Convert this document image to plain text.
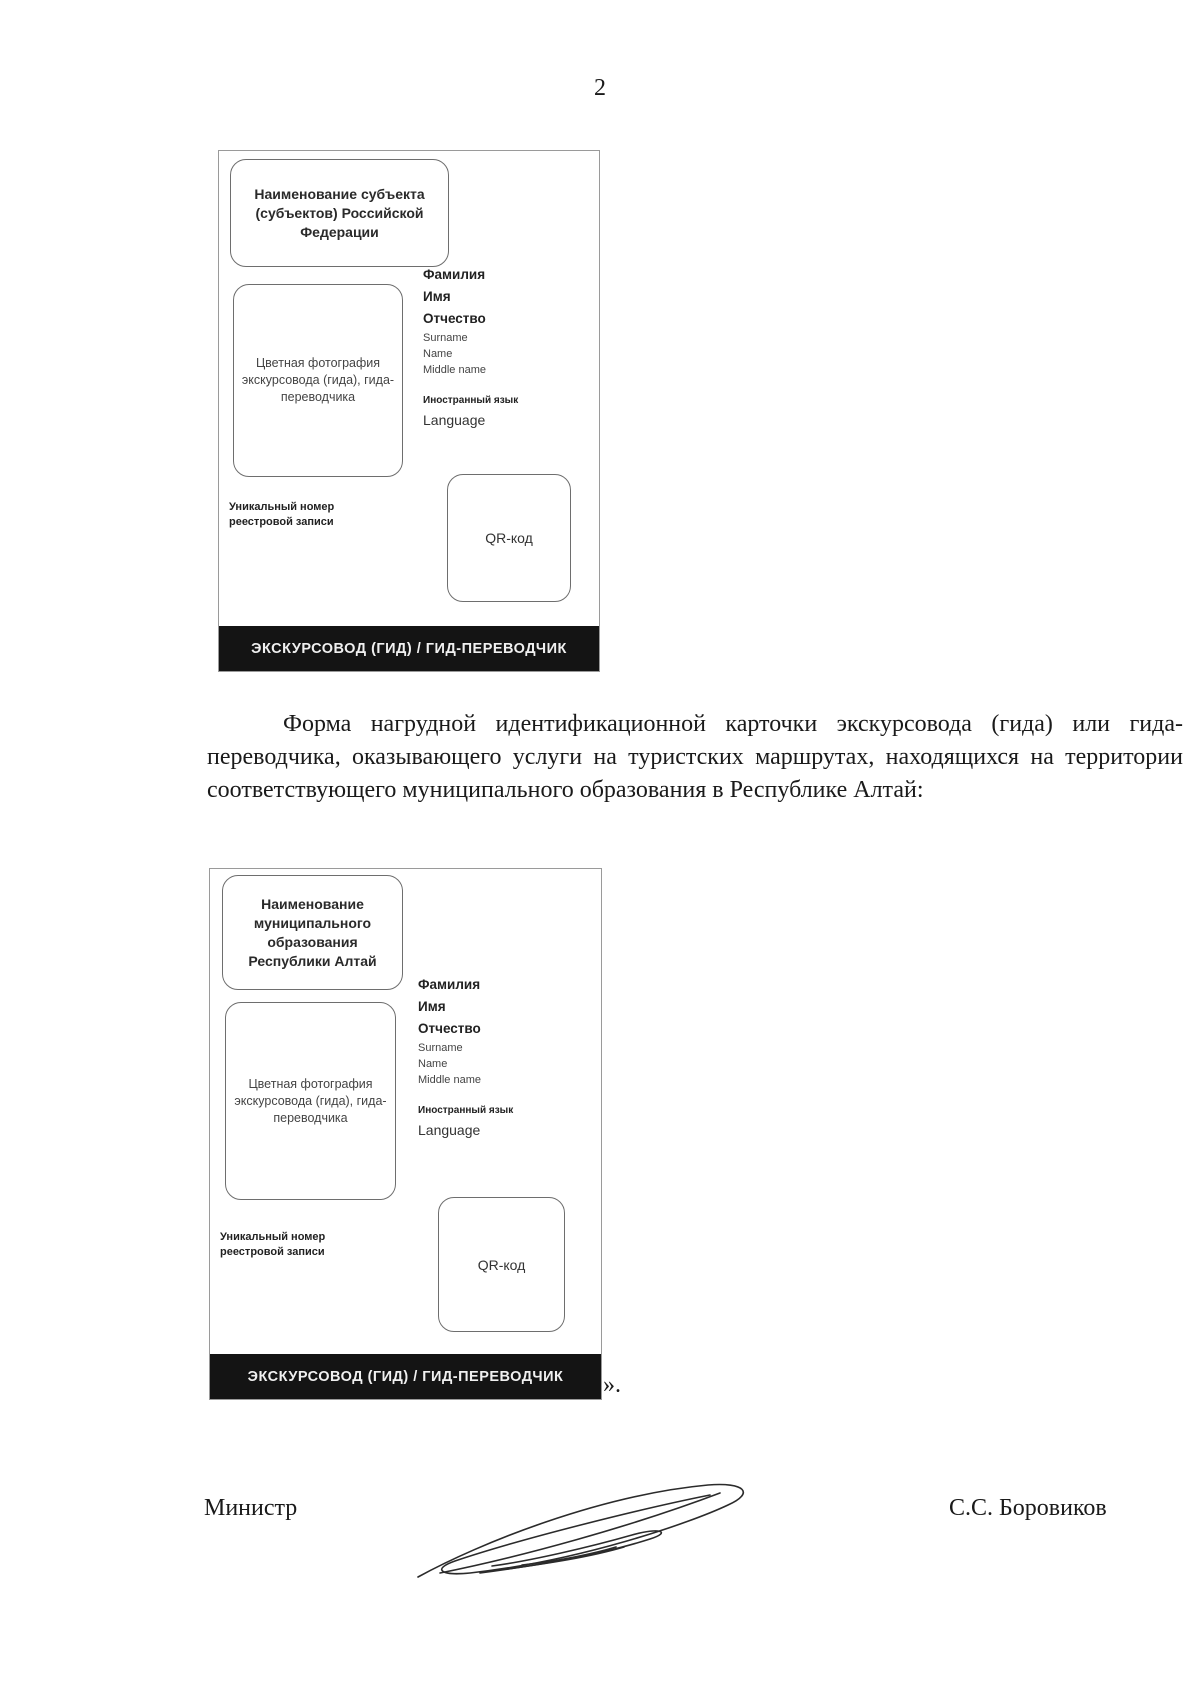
2
Наименование субъекта (субъектов) Российской Федерации
Цветная фотография экскурсовода (гида), гида-переводчика
Фамилия
Имя
Отчество
Surname
Name
Middle name
Иностранный язык
Language
Уникальный номер реестровой записи
QR-код
ЭКСКУРСОВОД (ГИД) / ГИД-ПЕРЕВОДЧИК
Форма нагрудной идентификационной карточки экскурсовода (гида) или гида-переводчика, оказывающего услуги на туристских маршрутах, находящихся на территории соответствующего муниципального образования в Республике Алтай:
Наименование муниципального образования Республики Алтай
Цветная фотография экскурсовода (гида), гида-переводчика
Фамилия
Имя
Отчество
Surname
Name
Middle name
Иностранный язык
Language
Уникальный номер реестровой записи
QR-код
ЭКСКУРСОВОД (ГИД) / ГИД-ПЕРЕВОДЧИК	».
Министр	С.С. Боровиков
